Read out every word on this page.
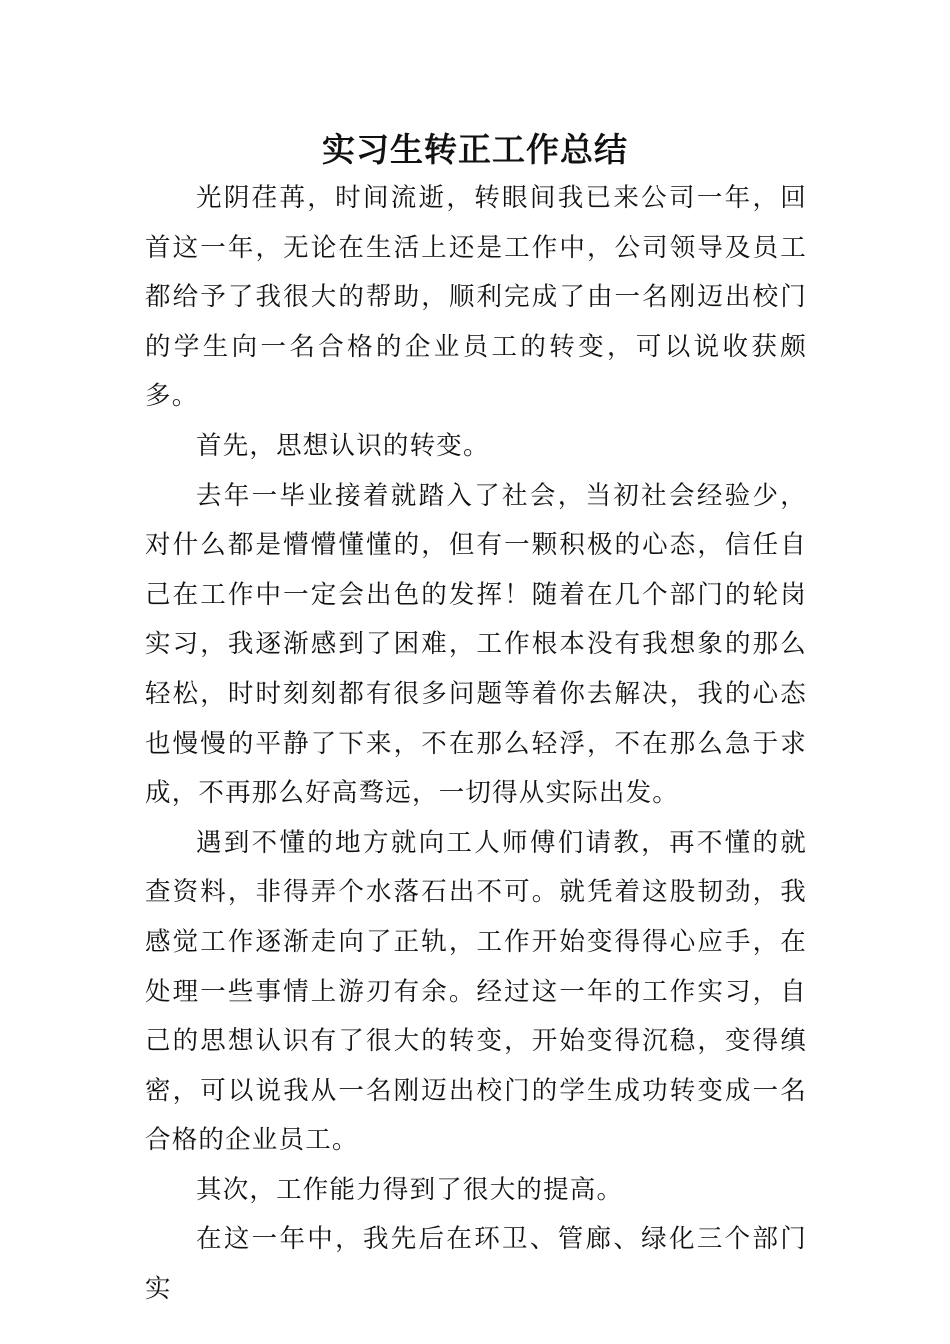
实习生转正工作总结

光阴荏苒，时间流逝，转眼间我已来公司一年，回首这一年，无论在生活上还是工作中，公司领导及员工都给予了我很大的帮助，顺利完成了由一名刚迈出校门的学生向一名合格的企业员工的转变，可以说收获颇多。

首先，思想认识的转变。

去年一毕业接着就踏入了社会，当初社会经验少，对什么都是懵懵懂懂的，但有一颗积极的心态，信任自己在工作中一定会出色的发挥！随着在几个部门的轮岗实习，我逐渐感到了困难，工作根本没有我想象的那么轻松，时时刻刻都有很多问题等着你去解决，我的心态也慢慢的平静了下来，不在那么轻浮，不在那么急于求成，不再那么好高骛远，一切得从实际出发。

遇到不懂的地方就向工人师傅们请教，再不懂的就查资料，非得弄个水落石出不可。就凭着这股韧劲，我感觉工作逐渐走向了正轨，工作开始变得得心应手，在处理一些事情上游刃有余。经过这一年的工作实习，自己的思想认识有了很大的转变，开始变得沉稳，变得缜密，可以说我从一名刚迈出校门的学生成功转变成一名合格的企业员工。

其次，工作能力得到了很大的提高。

在这一年中，我先后在环卫、管廊、绿化三个部门实
